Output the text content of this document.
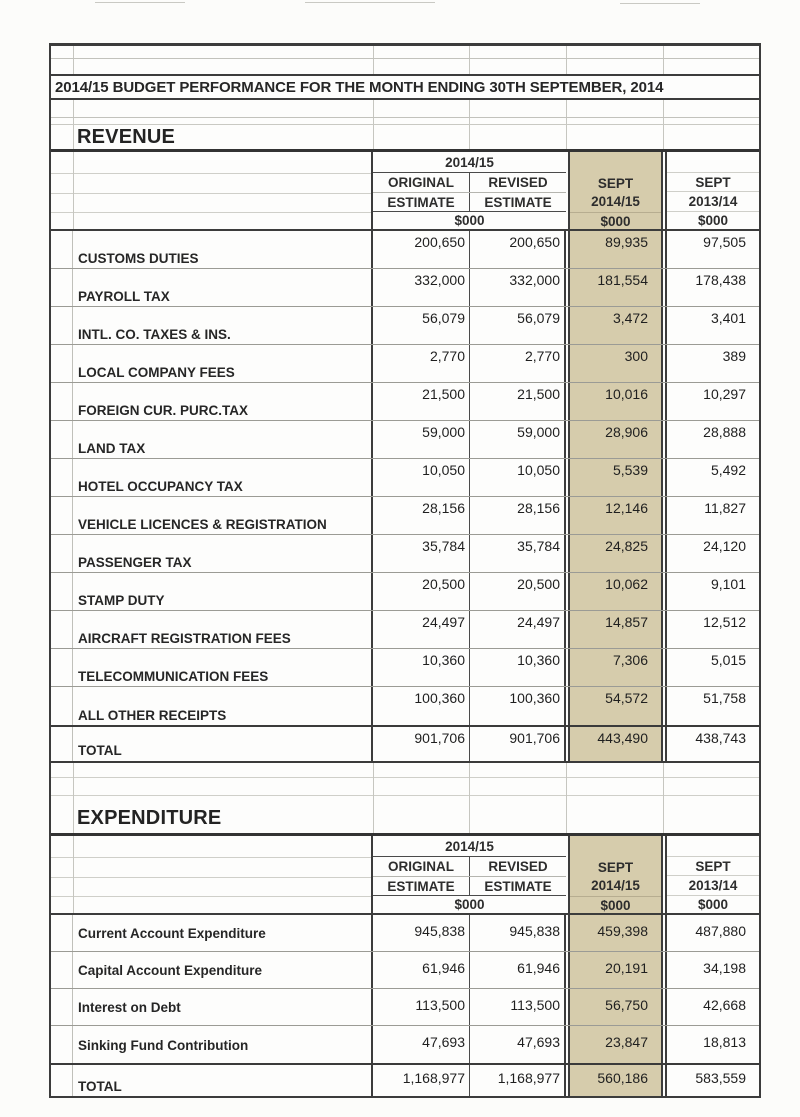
2014/15 BUDGET PERFORMANCE FOR THE MONTH ENDING 30TH SEPTEMBER, 2014
REVENUE
2014/15
ORIGINAL	REVISED
ESTIMATE	ESTIMATE
$000
SEPT
2014/15
$000
SEPT
2013/14
$000
CUSTOMS DUTIES
200,650	200,650	89,935	97,505
PAYROLL TAX
332,000	332,000	181,554	178,438
INTL. CO. TAXES & INS.
56,079	56,079	3,472	3,401
LOCAL COMPANY FEES
2,770	2,770	300	389
FOREIGN CUR. PURC.TAX
21,500	21,500	10,016	10,297
LAND TAX
59,000	59,000	28,906	28,888
HOTEL OCCUPANCY TAX
10,050	10,050	5,539	5,492
VEHICLE LICENCES & REGISTRATION
28,156	28,156	12,146	11,827
PASSENGER TAX
35,784	35,784	24,825	24,120
STAMP DUTY
20,500	20,500	10,062	9,101
AIRCRAFT REGISTRATION FEES
24,497	24,497	14,857	12,512
TELECOMMUNICATION FEES
10,360	10,360	7,306	5,015
ALL OTHER RECEIPTS
100,360	100,360	54,572	51,758
TOTAL
901,706	901,706	443,490	438,743
EXPENDITURE
2014/15
ORIGINAL	REVISED
ESTIMATE	ESTIMATE
$000
SEPT
2014/15
$000
SEPT
2013/14
$000
Current Account Expenditure	945,838	945,838	459,398	487,880
Capital Account Expenditure	61,946	61,946	20,191	34,198
Interest on Debt	113,500	113,500	56,750	42,668
Sinking Fund Contribution	47,693	47,693	23,847	18,813
TOTAL
1,168,977 1,168,977	560,186	583,559
